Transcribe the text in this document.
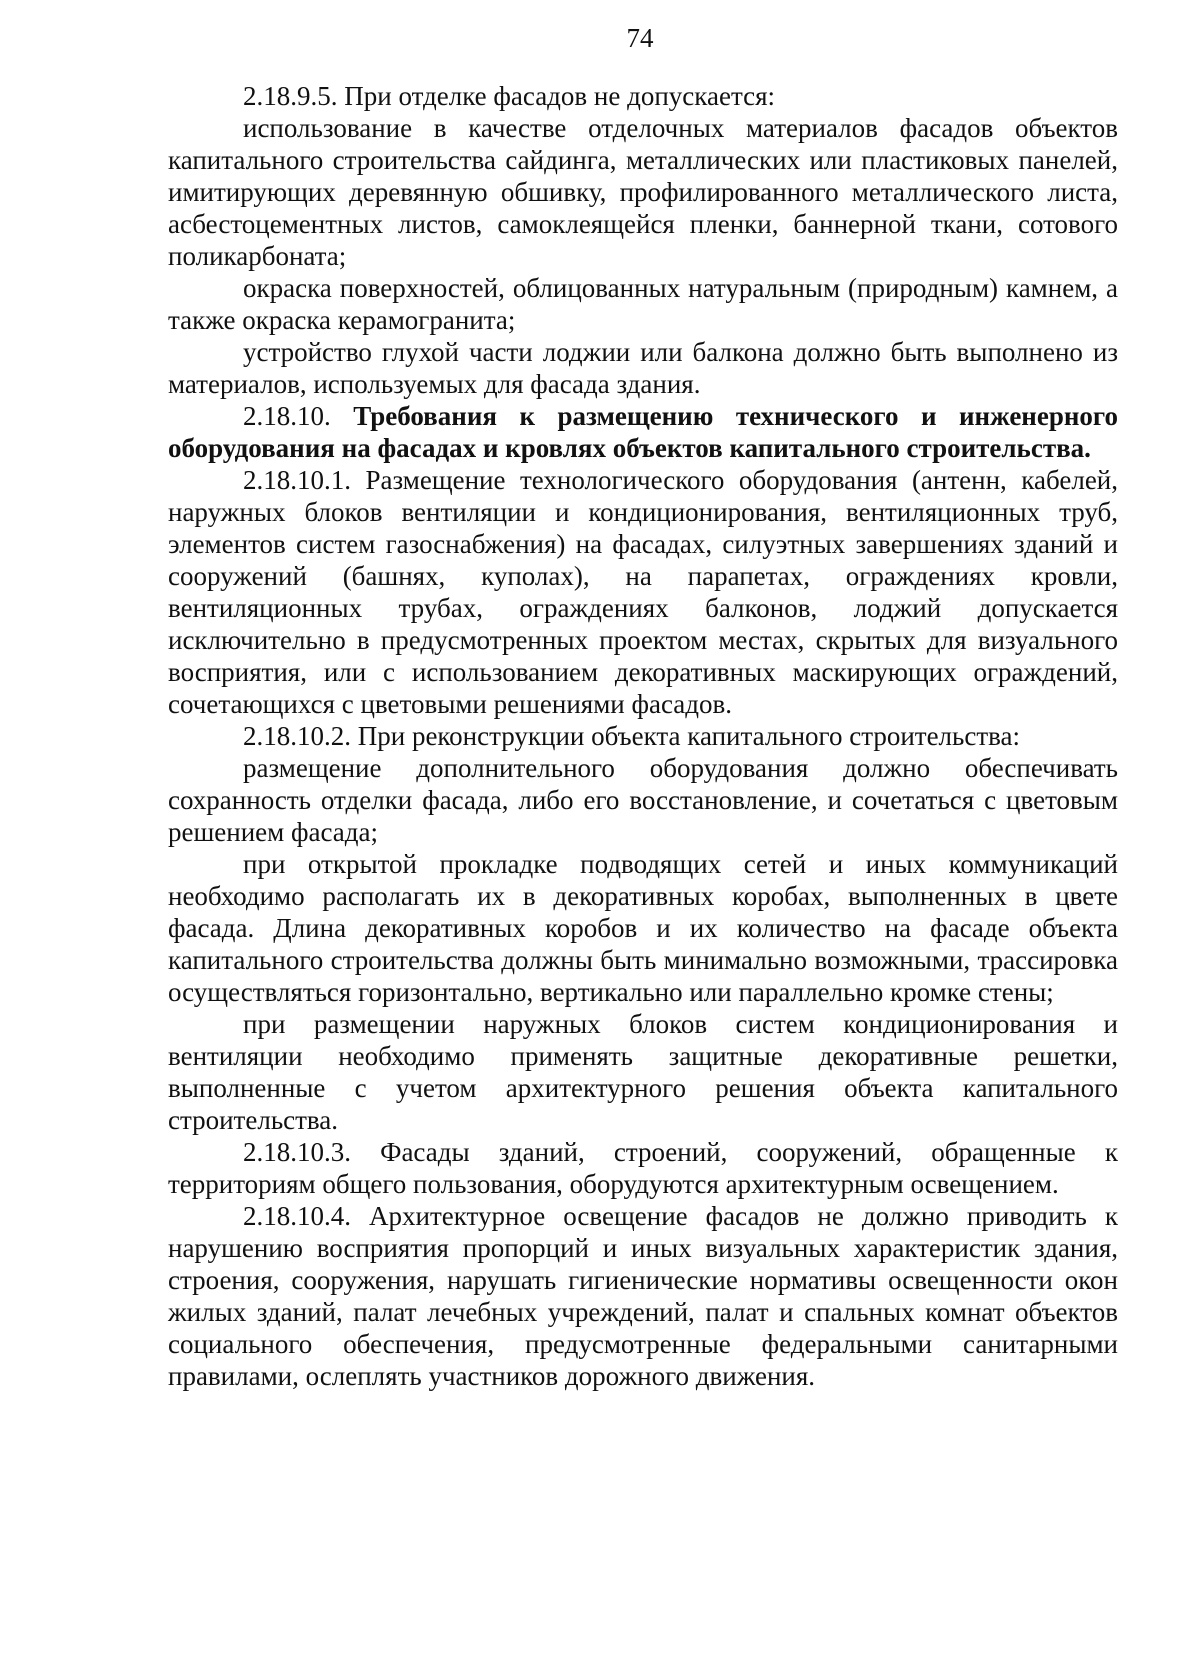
74

2.18.9.5. При отделке фасадов не допускается:

использование в качестве отделочных материалов фасадов объектов капитального строительства сайдинга, металлических или пластиковых панелей, имитирующих деревянную обшивку, профилированного металлического листа, асбестоцементных листов, самоклеящейся пленки, баннерной ткани, сотового поликарбоната;

окраска поверхностей, облицованных натуральным (природным) камнем, а также окраска керамогранита;

устройство глухой части лоджии или балкона должно быть выполнено из материалов, используемых для фасада здания.

2.18.10. Требования к размещению технического и инженерного оборудования на фасадах и кровлях объектов капитального строительства.

2.18.10.1. Размещение технологического оборудования (антенн, кабелей, наружных блоков вентиляции и кондиционирования, вентиляционных труб, элементов систем газоснабжения) на фасадах, силуэтных завершениях зданий и сооружений (башнях, куполах), на парапетах, ограждениях кровли, вентиляционных трубах, ограждениях балконов, лоджий допускается исключительно в предусмотренных проектом местах, скрытых для визуального восприятия, или с использованием декоративных маскирующих ограждений, сочетающихся с цветовыми решениями фасадов.

2.18.10.2. При реконструкции объекта капитального строительства:

размещение дополнительного оборудования должно обеспечивать сохранность отделки фасада, либо его восстановление, и сочетаться с цветовым решением фасада;

при открытой прокладке подводящих сетей и иных коммуникаций необходимо располагать их в декоративных коробах, выполненных в цвете фасада. Длина декоративных коробов и их количество на фасаде объекта капитального строительства должны быть минимально возможными, трассировка осуществляться горизонтально, вертикально или параллельно кромке стены;

при размещении наружных блоков систем кондиционирования и вентиляции необходимо применять защитные декоративные решетки, выполненные с учетом архитектурного решения объекта капитального строительства.

2.18.10.3. Фасады зданий, строений, сооружений, обращенные к территориям общего пользования, оборудуются архитектурным освещением.

2.18.10.4. Архитектурное освещение фасадов не должно приводить к нарушению восприятия пропорций и иных визуальных характеристик здания, строения, сооружения, нарушать гигиенические нормативы освещенности окон жилых зданий, палат лечебных учреждений, палат и спальных комнат объектов социального обеспечения, предусмотренные федеральными санитарными правилами, ослеплять участников дорожного движения.
